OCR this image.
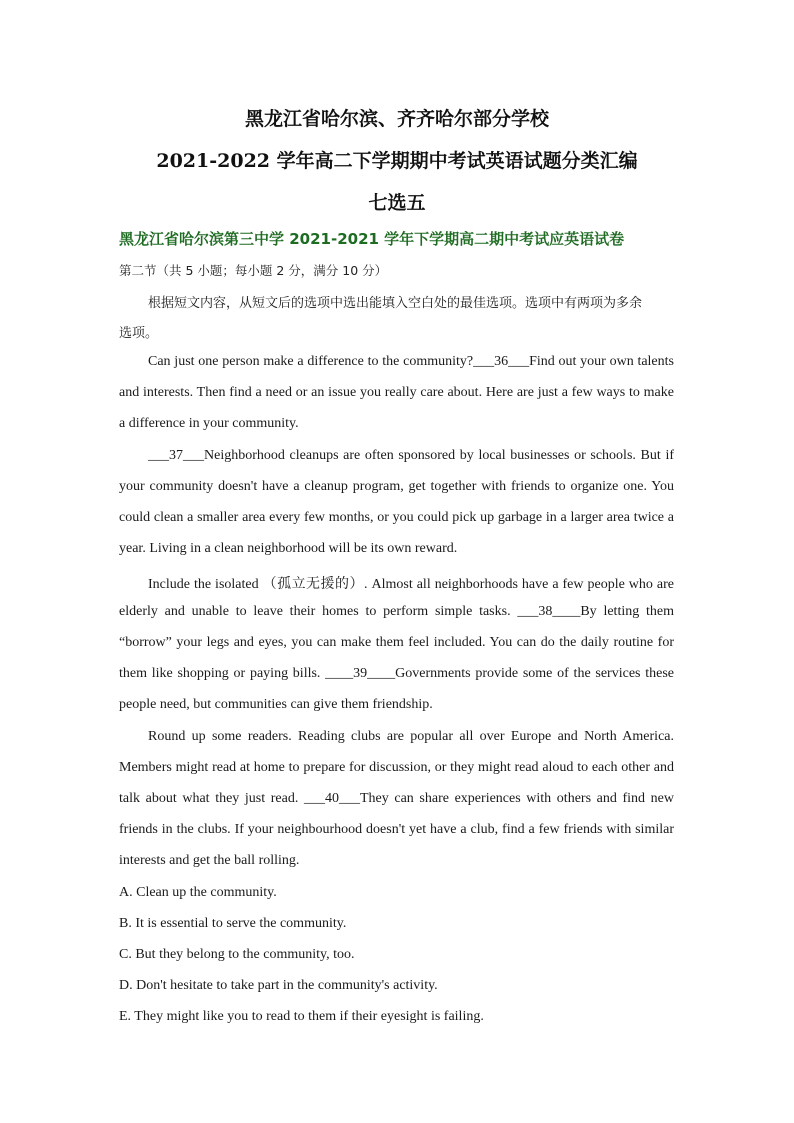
黑龙江省哈尔滨、齐齐哈尔部分学校
2021-2022 学年高二下学期期中考试英语试题分类汇编
七选五
黑龙江省哈尔滨第三中学 2021-2021 学年下学期高二期中考试应英语试卷
第二节（共 5 小题；每小题 2 分，满分 10 分）
根据短文内容，从短文后的选项中选出能填入空白处的最佳选项。选项中有两项为多余
选项。
Can just one person make a difference to the community?___36___Find out your own talents
and interests. Then find a need or an issue you really care about. Here are just a few ways to make
a difference in your community.
___37___Neighborhood cleanups are often sponsored by local businesses or schools. But if
your community doesn't have a cleanup program, get together with friends to organize one. You
could clean a smaller area every few months, or you could pick up garbage in a larger area twice a
year. Living in a clean neighborhood will be its own reward.
Include the isolated （孤立无援的）. Almost all neighborhoods have a few people who are
elderly and unable to leave their homes to perform simple tasks. ___38____By letting them
“borrow” your legs and eyes, you can make them feel included. You can do the daily routine for
them like shopping or paying bills. ____39____Governments provide some of the services these
people need, but communities can give them friendship.
Round up some readers. Reading clubs are popular all over Europe and North America.
Members might read at home to prepare for discussion, or they might read aloud to each other and
talk about what they just read. ___40___They can share experiences with others and find new
friends in the clubs. If your neighbourhood doesn't yet have a club, find a few friends with similar
interests and get the ball rolling.
A. Clean up the community.
B. It is essential to serve the community.
C. But they belong to the community, too.
D. Don't hesitate to take part in the community's activity.
E. They might like you to read to them if their eyesight is failing.
